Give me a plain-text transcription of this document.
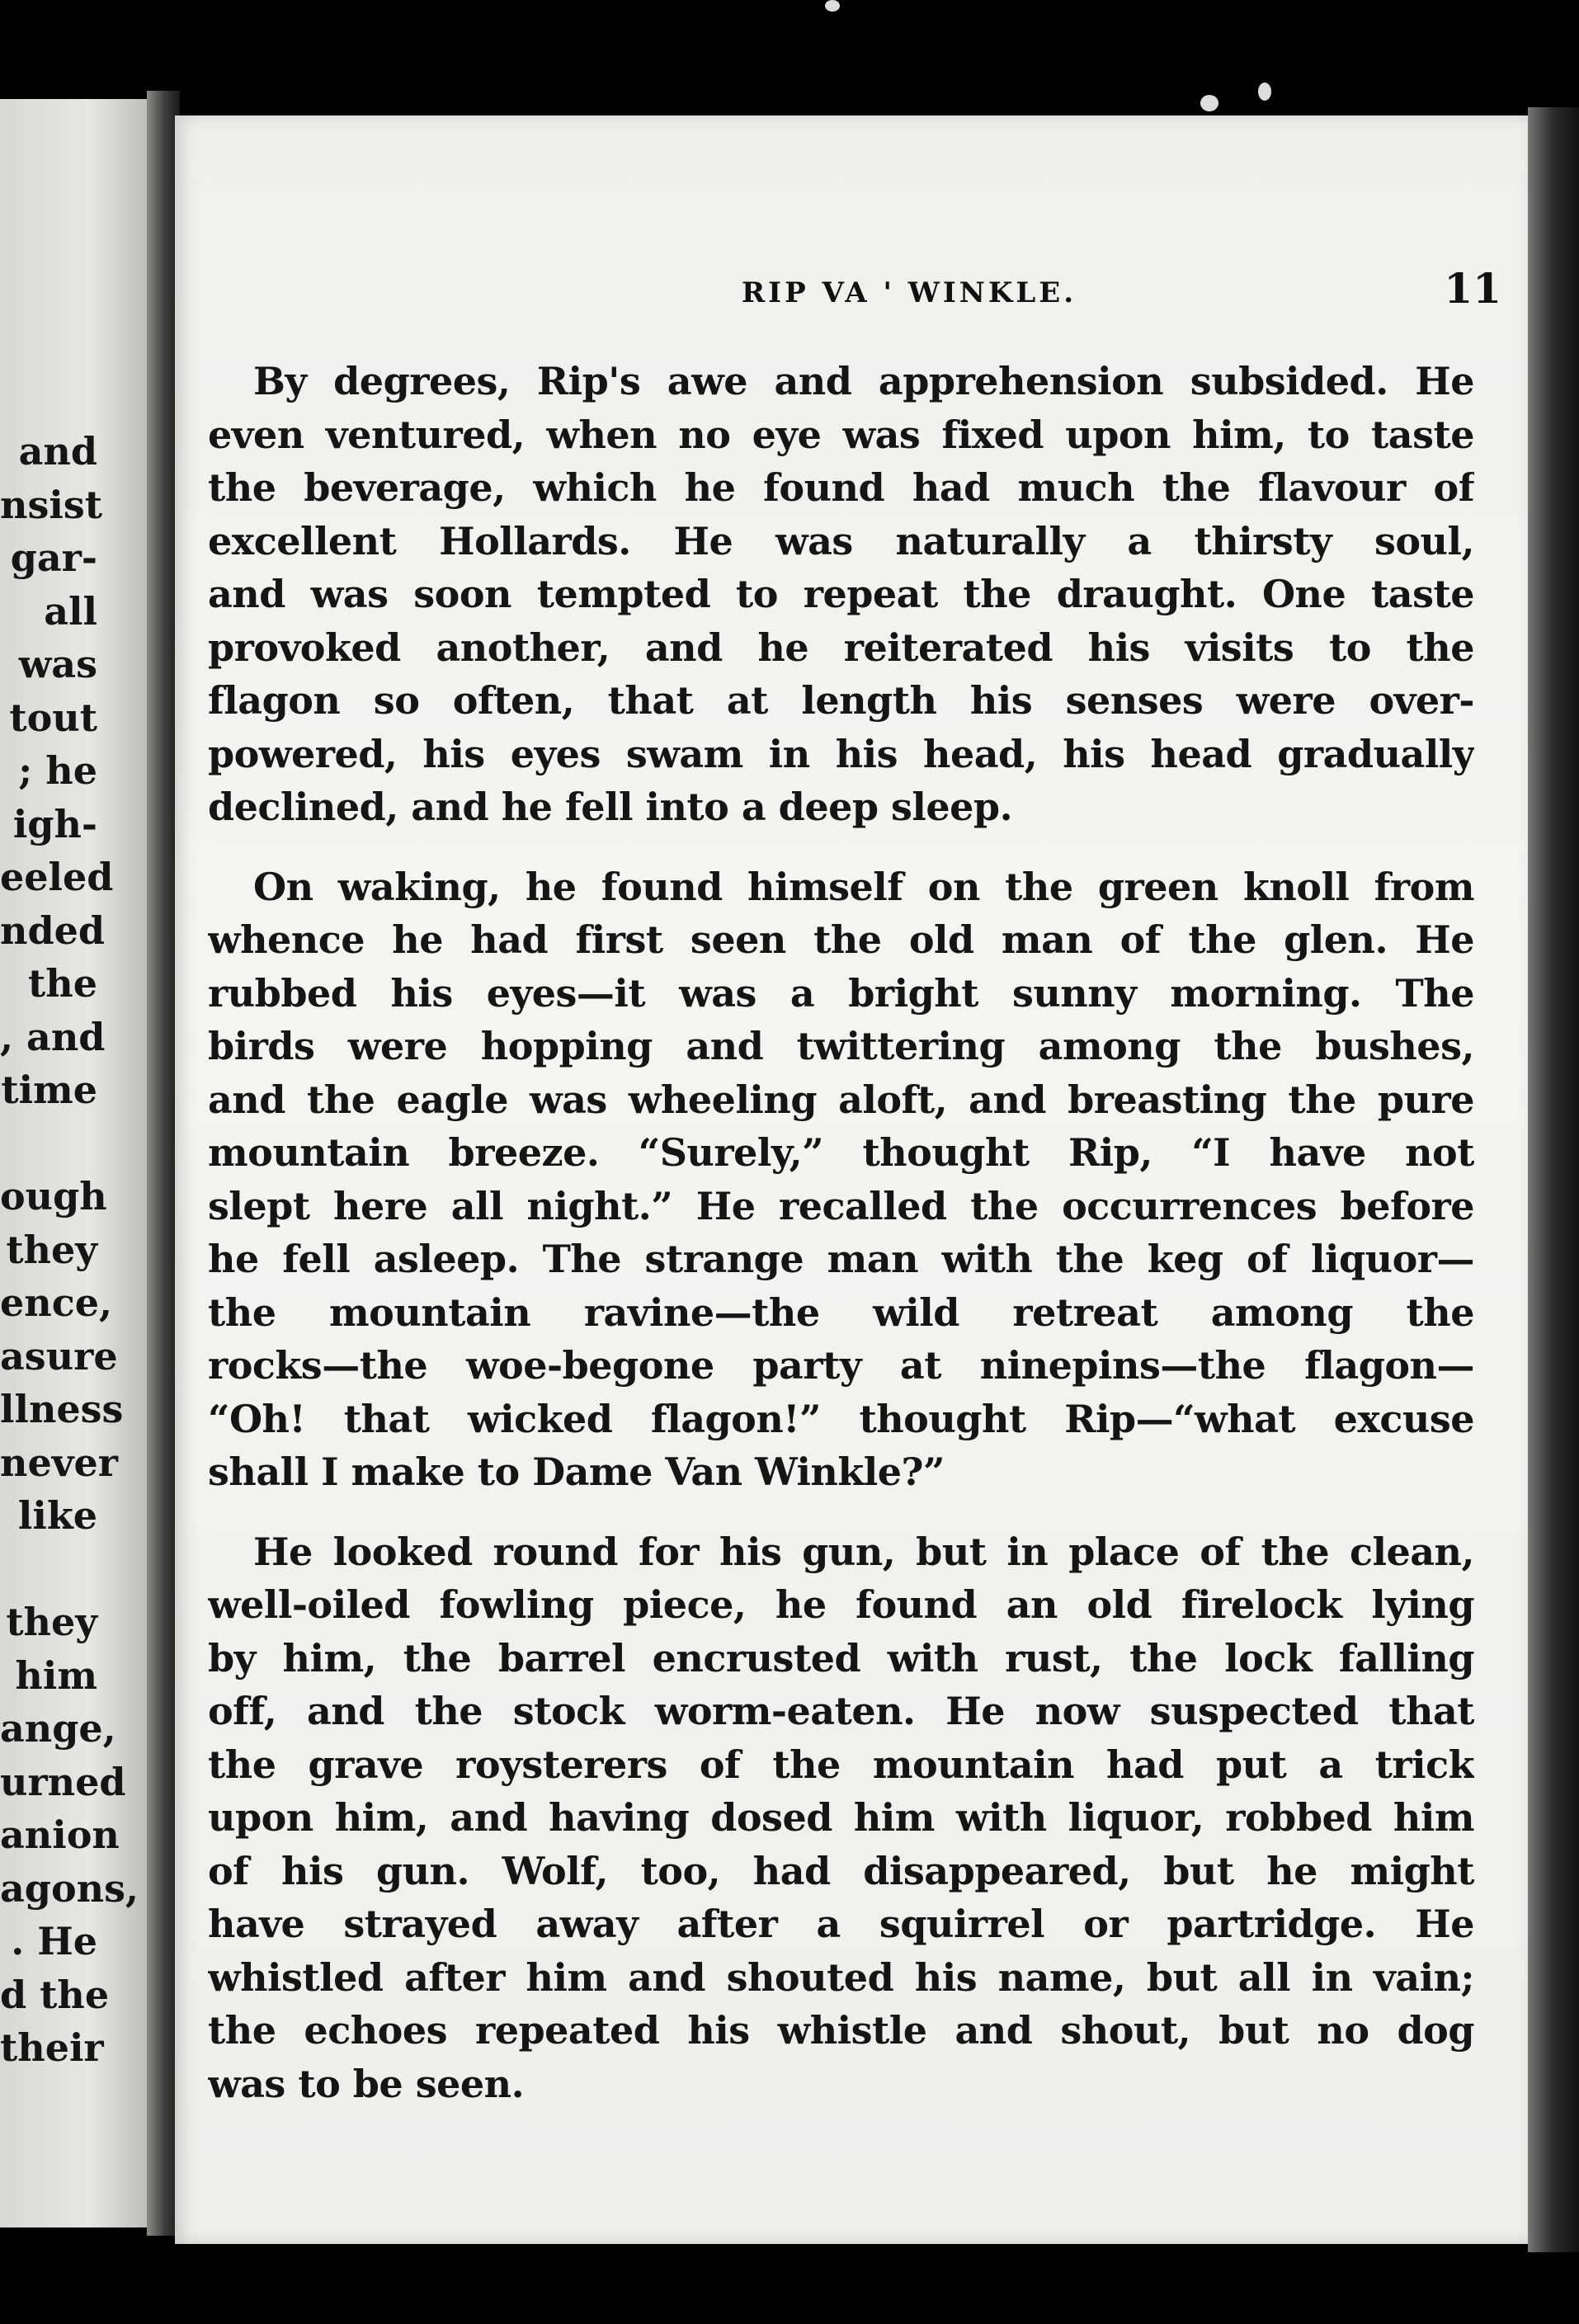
and
nsist
gar-
all
was
tout
; he
igh-
eeled
nded
the
, and
time
ough
they
ence,
asure
llness
never
like
they
him
ange,
urned
anion
agons,
. He
d the
their
RIP VA ' WINKLE.	11
By degrees, Rip's awe and apprehension subsided. He
even ventured, when no eye was fixed upon him, to taste
the beverage, which he found had much the flavour of
excellent Hollards. He was naturally a thirsty soul,
and was soon tempted to repeat the draught. One taste
provoked another, and he reiterated his visits to the
flagon so often, that at length his senses were over-
powered, his eyes swam in his head, his head gradually
declined, and he fell into a deep sleep.
On waking, he found himself on the green knoll from
whence he had first seen the old man of the glen. He
rubbed his eyes—it was a bright sunny morning. The
birds were hopping and twittering among the bushes,
and the eagle was wheeling aloft, and breasting the pure
mountain breeze. “Surely,” thought Rip, “I have not
slept here all night.” He recalled the occurrences before
he fell asleep. The strange man with the keg of liquor—
the mountain ravine—the wild retreat among the
rocks—the woe-begone party at ninepins—the flagon—
“Oh! that wicked flagon!” thought Rip—“what excuse
shall I make to Dame Van Winkle?”
He looked round for his gun, but in place of the clean,
well-oiled fowling piece, he found an old firelock lying
by him, the barrel encrusted with rust, the lock falling
off, and the stock worm-eaten. He now suspected that
the grave roysterers of the mountain had put a trick
upon him, and having dosed him with liquor, robbed him
of his gun. Wolf, too, had disappeared, but he might
have strayed away after a squirrel or partridge. He
whistled after him and shouted his name, but all in vain;
the echoes repeated his whistle and shout, but no dog
was to be seen.
